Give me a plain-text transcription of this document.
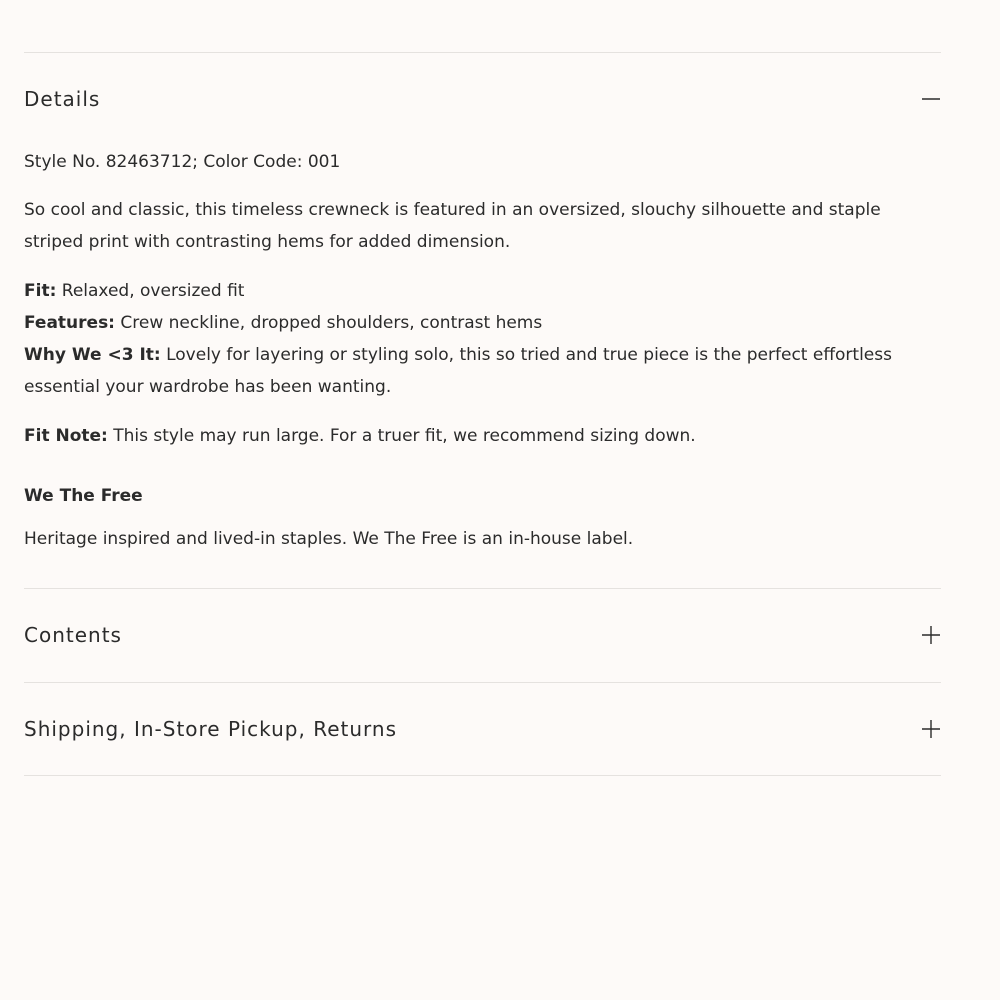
Details

Style No. 82463712; Color Code: 001

So cool and classic, this timeless crewneck is featured in an oversized, slouchy silhouette and staple striped print with contrasting hems for added dimension.

Fit: Relaxed, oversized fit

Features: Crew neckline, dropped shoulders, contrast hems

Why We <3 It: Lovely for layering or styling solo, this so tried and true piece is the perfect effortless essential your wardrobe has been wanting.

Fit Note: This style may run large. For a truer fit, we recommend sizing down.

We The Free

Heritage inspired and lived-in staples. We The Free is an in-house label.

Contents
Shipping, In-Store Pickup, Returns
